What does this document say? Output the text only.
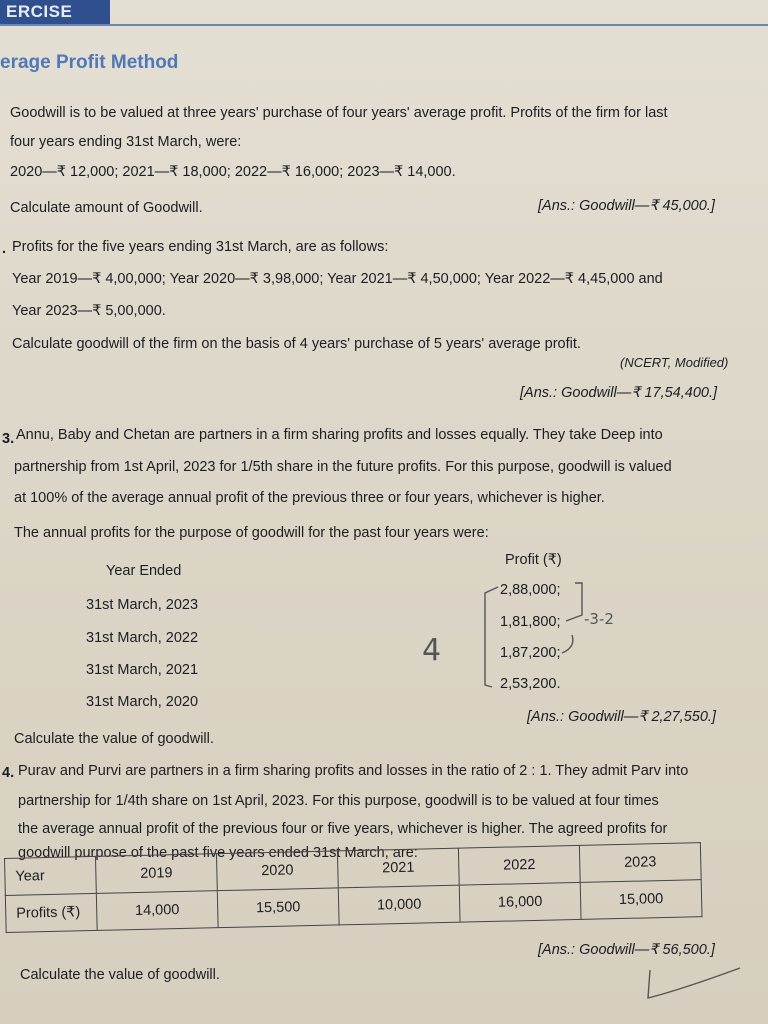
ERCISE
erage Profit Method
Goodwill is to be valued at three years' purchase of four years' average profit. Profits of the firm for last
four years ending 31st March, were:
2020—₹ 12,000; 2021—₹ 18,000; 2022—₹ 16,000; 2023—₹ 14,000.
Calculate amount of Goodwill.	[Ans.: Goodwill—₹ 45,000.]
. Profits for the five years ending 31st March, are as follows:
Year 2019—₹ 4,00,000; Year 2020—₹ 3,98,000; Year 2021—₹ 4,50,000; Year 2022—₹ 4,45,000 and
Year 2023—₹ 5,00,000.
Calculate goodwill of the firm on the basis of 4 years' purchase of 5 years' average profit.
(NCERT, Modified)
[Ans.: Goodwill—₹ 17,54,400.]
3. Annu, Baby and Chetan are partners in a firm sharing profits and losses equally. They take Deep into
partnership from 1st April, 2023 for 1/5th share in the future profits. For this purpose, goodwill is valued
at 100% of the average annual profit of the previous three or four years, whichever is higher.
The annual profits for the purpose of goodwill for the past four years were:
Profit (₹)
Year Ended
31st March, 2023
2,88,000;
31st March, 2022
1,81,800;
31st March, 2021
1,87,200;
31st March, 2020
2,53,200.
4
-3-2
Calculate the value of goodwill.
[Ans.: Goodwill—₹ 2,27,550.]
4. Purav and Purvi are partners in a firm sharing profits and losses in the ratio of 2 : 1. They admit Parv into
partnership for 1/4th share on 1st April, 2023. For this purpose, goodwill is to be valued at four times
the average annual profit of the previous four or five years, whichever is higher. The agreed profits for
goodwill purpose of the past five years ended 31st March, are:
Year	2019	2020	2021	2022	2023
Profits (₹)	14,000	15,500	10,000	16,000	15,000
[Ans.: Goodwill—₹ 56,500.]
Calculate the value of goodwill.
